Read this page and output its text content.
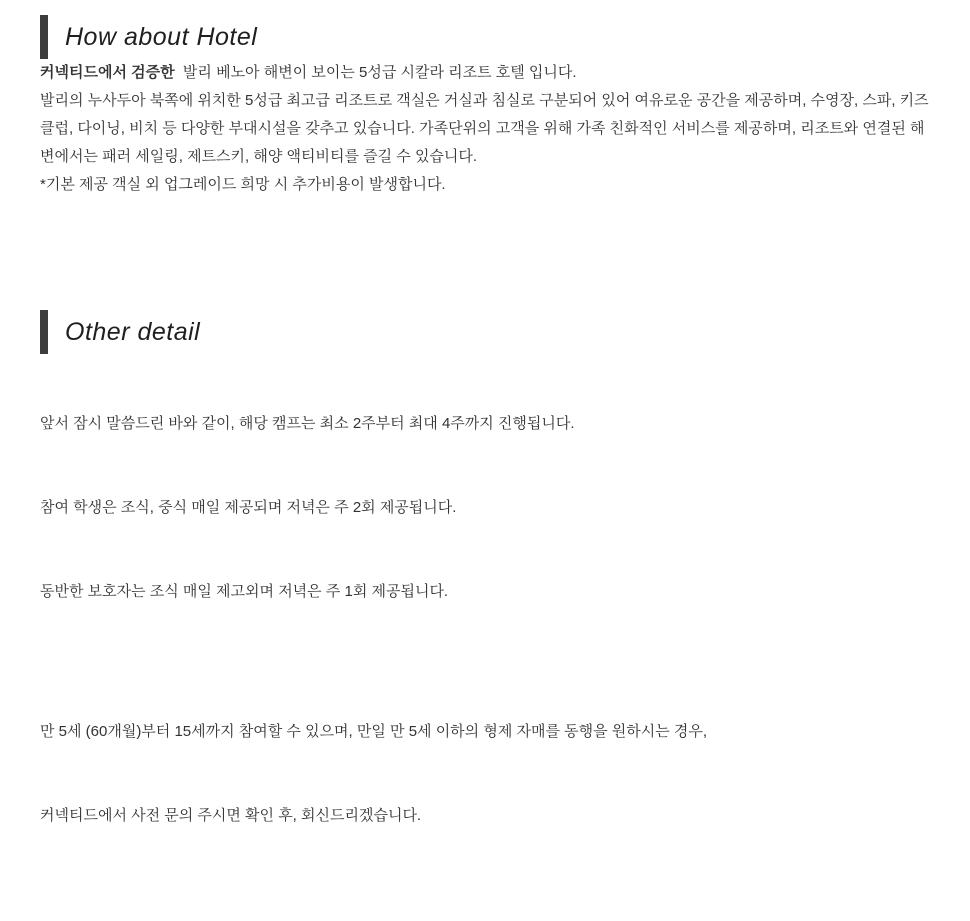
How about Hotel

커넥티드에서 검증한  발리 베노아 해변이 보이는 5성급 시칼라 리조트 호텔 입니다.

발리의 누사두아 북쪽에 위치한 5성급 최고급 리조트로 객실은 거실과 침실로 구분되어 있어 여유로운 공간을 제공하며, 수영장, 스파, 키즈 클럽, 다이닝, 비치 등 다양한 부대시설을 갖추고 있습니다. 가족단위의 고객을 위해 가족 친화적인 서비스를 제공하며, 리조트와 연결된 해변에서는 패러 세일링, 제트스키, 해양 액티비티를 즐길 수 있습니다.

*기본 제공 객실 외 업그레이드 희망 시 추가비용이 발생합니다.

Other detail

앞서 잠시 말씀드린 바와 같이, 해당 캠프는 최소 2주부터 최대 4주까지 진행됩니다.

참여 학생은 조식, 중식 매일 제공되며 저녁은 주 2회 제공됩니다.

동반한 보호자는 조식 매일 제고외며 저녁은 주 1회 제공됩니다.

만 5세 (60개월)부터 15세까지 참여할 수 있으며, 만일 만 5세 이하의 형제 자매를 동행을 원하시는 경우,

커넥티드에서 사전 문의 주시면 확인 후, 회신드리겠습니다.
